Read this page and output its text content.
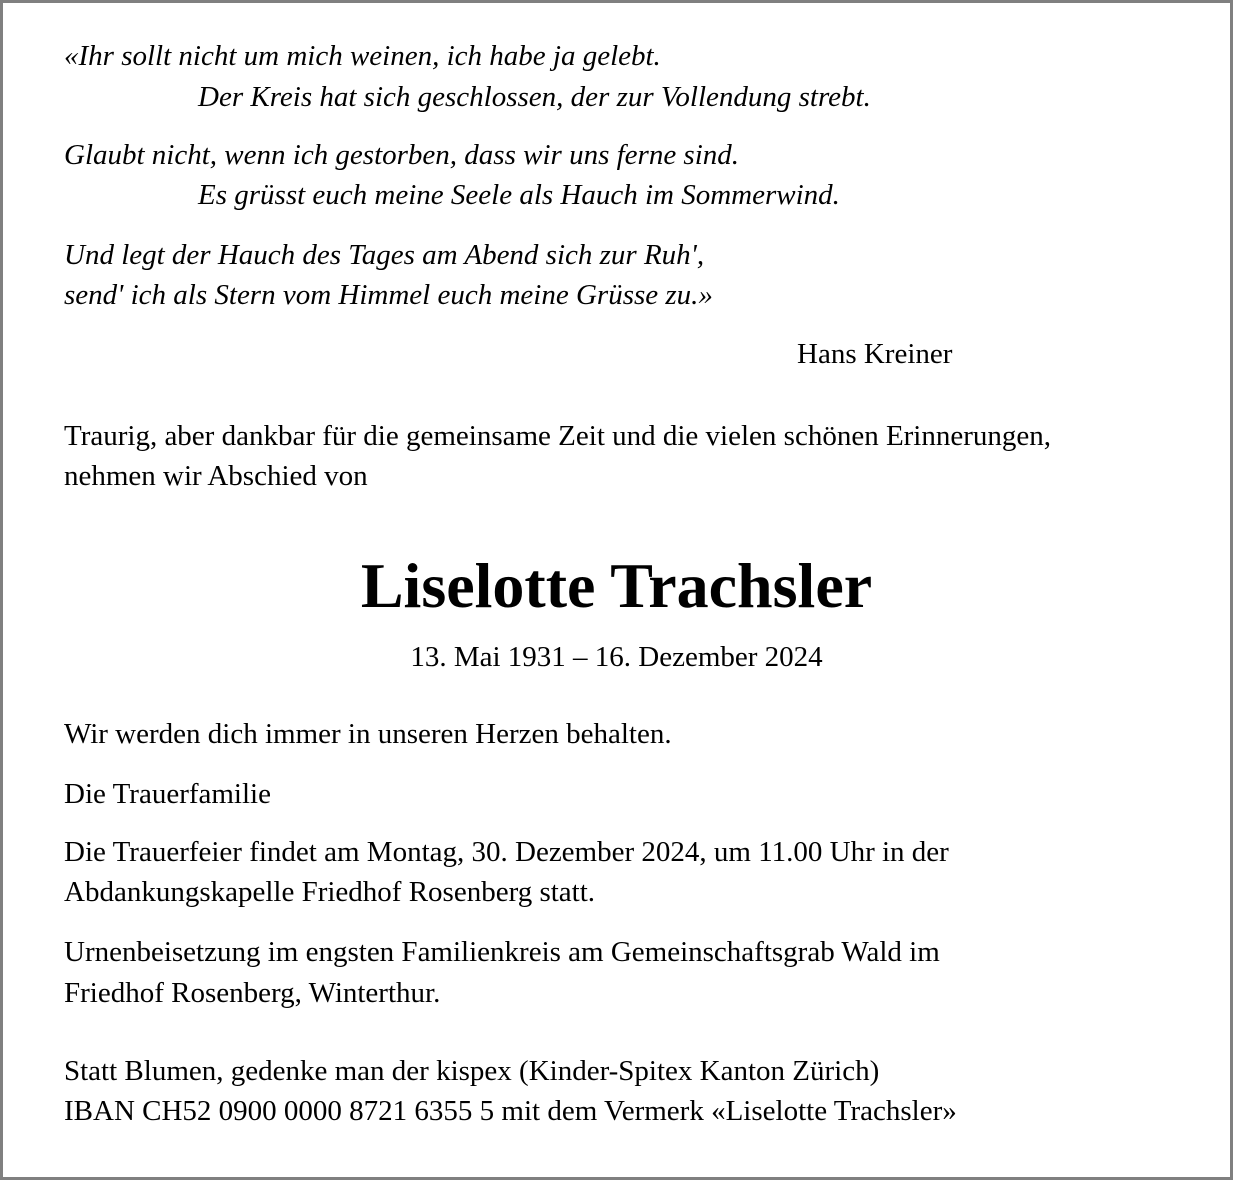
«Ihr sollt nicht um mich weinen, ich habe ja gelebt.
Der Kreis hat sich geschlossen, der zur Vollendung strebt.
Glaubt nicht, wenn ich gestorben, dass wir uns ferne sind.
Es grüsst euch meine Seele als Hauch im Sommerwind.
Und legt der Hauch des Tages am Abend sich zur Ruh',
send' ich als Stern vom Himmel euch meine Grüsse zu.»
Hans Kreiner
Traurig, aber dankbar für die gemeinsame Zeit und die vielen schönen Erinnerungen,
nehmen wir Abschied von
Liselotte Trachsler
13. Mai 1931 – 16. Dezember 2024
Wir werden dich immer in unseren Herzen behalten.
Die Trauerfamilie
Die Trauerfeier findet am Montag, 30. Dezember 2024, um 11.00 Uhr in der
Abdankungskapelle Friedhof Rosenberg statt.
Urnenbeisetzung im engsten Familienkreis am Gemeinschaftsgrab Wald im
Friedhof Rosenberg, Winterthur.
Statt Blumen, gedenke man der kispex (Kinder-Spitex Kanton Zürich)
IBAN CH52 0900 0000 8721 6355 5 mit dem Vermerk «Liselotte Trachsler»
